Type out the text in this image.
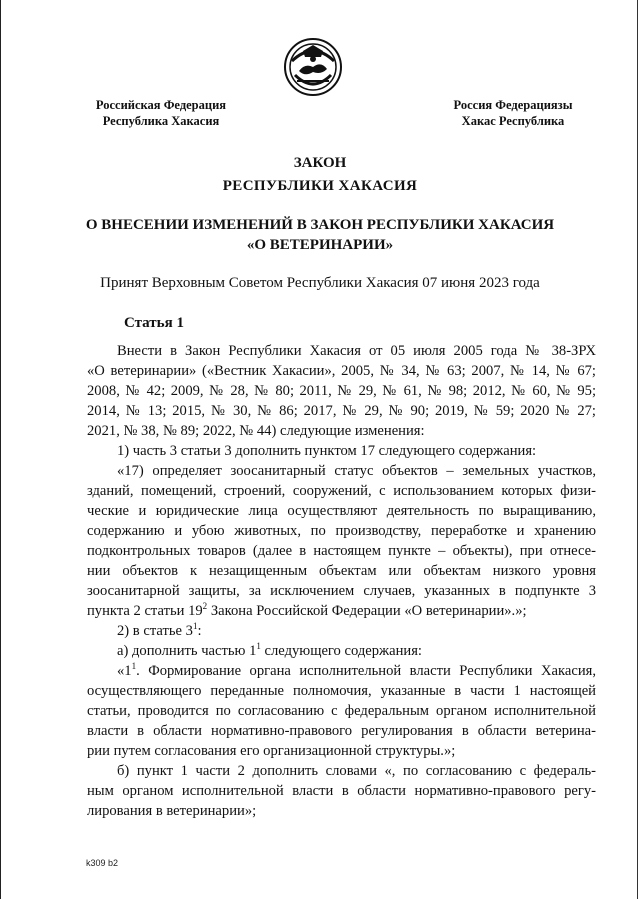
Российская Федерация
Республика Хакасия
Россия Федерациязы
Хакас Республика
ЗАКОН
РЕСПУБЛИКИ ХАКАСИЯ
О ВНЕСЕНИИ ИЗМЕНЕНИЙ В ЗАКОН РЕСПУБЛИКИ ХАКАСИЯ
«О ВЕТЕРИНАРИИ»
Принят Верховным Советом Республики Хакасия 07 июня 2023 года
Статья 1
Внести в Закон Республики Хакасия от 05 июля 2005 года № 38-ЗРХ
«О ветеринарии» («Вестник Хакасии», 2005, № 34, № 63; 2007, № 14, № 67;
2008, № 42; 2009, № 28, № 80; 2011, № 29, № 61, № 98; 2012, № 60, № 95;
2014, № 13; 2015, № 30, № 86; 2017, № 29, № 90; 2019, № 59; 2020 № 27;
2021, № 38, № 89; 2022, № 44) следующие изменения:
1) часть 3 статьи 3 дополнить пунктом 17 следующего содержания:
«17) определяет зоосанитарный статус объектов – земельных участков,
зданий, помещений, строений, сооружений, с использованием которых физи-
ческие и юридические лица осуществляют деятельность по выращиванию,
содержанию и убою животных, по производству, переработке и хранению
подконтрольных товаров (далее в настоящем пункте – объекты), при отнесе-
нии объектов к незащищенным объектам или объектам низкого уровня
зоосанитарной защиты, за исключением случаев, указанных в подпункте 3
пункта 2 статьи $19^2$ Закона Российской Федерации «О ветеринарии».»;
2) в статье $3^1$:
а) дополнить частью $1^1$ следующего содержания:
«$1^1$. Формирование органа исполнительной власти Республики Хакасия,
осуществляющего переданные полномочия, указанные в части 1 настоящей
статьи, проводится по согласованию с федеральным органом исполнительной
власти в области нормативно-правового регулирования в области ветерина-
рии путем согласования его организационной структуры.»;
б) пункт 1 части 2 дополнить словами «, по согласованию с федераль-
ным органом исполнительной власти в области нормативно-правового регу-
лирования в ветеринарии»;
k309 b2
